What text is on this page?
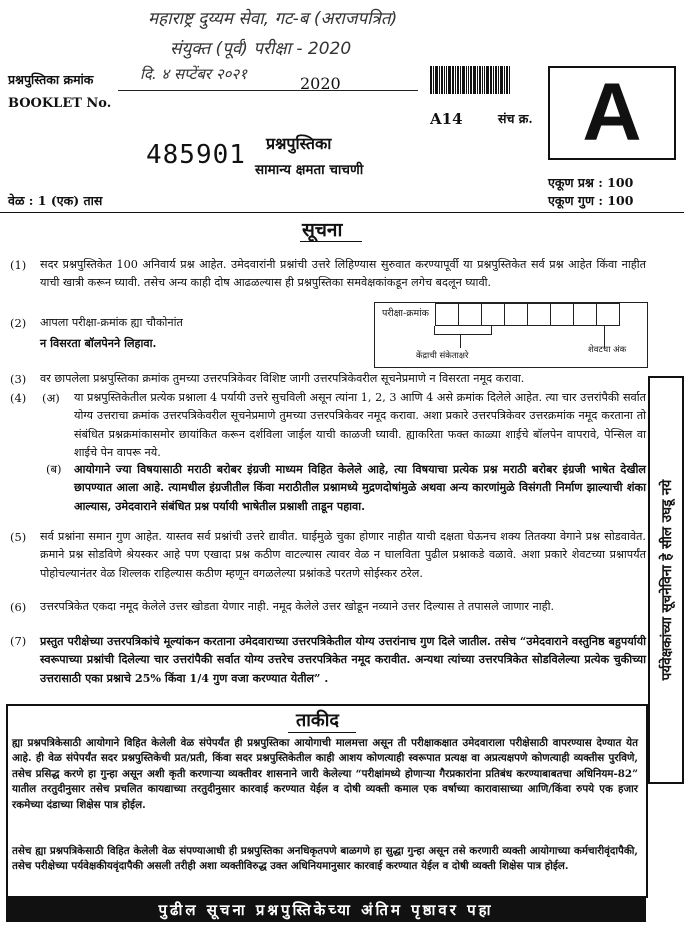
महाराष्ट्र दुय्यम सेवा, गट-ब (अराजपत्रित)
संयुक्त (पूर्व) परीक्षा - 2020
दि. ४ सप्टेंबर २०२१
प्रश्नपुस्तिका क्रमांक
BOOKLET No.
2020
A14	संच क्र. A
485901 प्रश्नपुस्तिका
सामान्य क्षमता चाचणी
एकूण प्रश्न : 100
एकूण गुण : 100
वेळ : 1 (एक) तास
सूचना
(1) सदर प्रश्नपुस्तिकेत 100 अनिवार्य प्रश्न आहेत. उमेदवारांनी प्रश्नांची उत्तरे लिहिण्यास सुरुवात करण्यापूर्वी या प्रश्नपुस्तिकेत सर्व प्रश्न आहेत किंवा नाहीत याची खात्री करून घ्यावी. तसेच अन्य काही दोष आढळल्यास ही प्रश्नपुस्तिका समवेक्षकांकडून लगेच बदलून घ्यावी.
(2) आपला परीक्षा-क्रमांक ह्या चौकोनांत
न विसरता बॉलपेनने लिहावा.
परीक्षा-क्रमांक
केंद्राची संकेताक्षरे
शेवटचा अंक
(3) वर छापलेला प्रश्नपुस्तिका क्रमांक तुमच्या उत्तरपत्रिकेवर विशिष्ट जागी उत्तरपत्रिकेवरील सूचनेप्रमाणे न विसरता नमूद करावा.
(4) (अ) या प्रश्नपुस्तिकेतील प्रत्येक प्रश्नाला 4 पर्यायी उत्तरे सुचविली असून त्यांना 1, 2, 3 आणि 4 असे क्रमांक दिलेले आहेत. त्या चार उत्तरांपैकी सर्वात योग्य उत्तराचा क्रमांक उत्तरपत्रिकेवरील सूचनेप्रमाणे तुमच्या उत्तरपत्रिकेवर नमूद करावा. अशा प्रकारे उत्तरपत्रिकेवर उत्तरक्रमांक नमूद करताना तो संबंधित प्रश्नक्रमांकासमोर छायांकित करून दर्शविला जाईल याची काळजी घ्यावी. ह्याकरिता फक्त काळ्या शाईचे बॉलपेन वापरावे, पेन्सिल वा शाईचे पेन वापरू नये.
(ब) आयोगाने ज्या विषयासाठी मराठी बरोबर इंग्रजी माध्यम विहित केलेले आहे, त्या विषयाचा प्रत्येक प्रश्न मराठी बरोबर इंग्रजी भाषेत देखील छापण्यात आला आहे. त्यामधील इंग्रजीतील किंवा मराठीतील प्रश्नामध्ये मुद्रणदोषांमुळे अथवा अन्य कारणांमुळे विसंगती निर्माण झाल्याची शंका आल्यास, उमेदवाराने संबंधित प्रश्न पर्यायी भाषेतील प्रश्नाशी ताडून पहावा.
(5) सर्व प्रश्नांना समान गुण आहेत. यास्तव सर्व प्रश्नांची उत्तरे द्यावीत. घाईमुळे चुका होणार नाहीत याची दक्षता घेऊनच शक्य तितक्या वेगाने प्रश्न सोडवावेत. क्रमाने प्रश्न सोडविणे श्रेयस्कर आहे पण एखादा प्रश्न कठीण वाटल्यास त्यावर वेळ न घालविता पुढील प्रश्नाकडे वळावे. अशा प्रकारे शेवटच्या प्रश्नापर्यंत पोहोचल्यानंतर वेळ शिल्लक राहिल्यास कठीण म्हणून वगळलेल्या प्रश्नांकडे परतणे सोईस्कर ठरेल.
(6) उत्तरपत्रिकेत एकदा नमूद केलेले उत्तर खोडता येणार नाही. नमूद केलेले उत्तर खोडून नव्याने उत्तर दिल्यास ते तपासले जाणार नाही.
(7) प्रस्तुत परीक्षेच्या उत्तरपत्रिकांचे मूल्यांकन करताना उमेदवाराच्या उत्तरपत्रिकेतील योग्य उत्तरांनाच गुण दिले जातील. तसेच “उमेदवाराने वस्तुनिष्ठ बहुपर्यायी स्वरूपाच्या प्रश्नांची दिलेल्या चार उत्तरांपैकी सर्वात योग्य उत्तरेच उत्तरपत्रिकेत नमूद करावीत. अन्यथा त्यांच्या उत्तरपत्रिकेत सोडविलेल्या प्रत्येक चुकीच्या उत्तरासाठी एका प्रश्नाचे 25% किंवा 1/4 गुण वजा करण्यात येतील” .	पर्यवेक्षकांच्या सूचनेविना हे सील उघडू नये
ताकीद
ह्या प्रश्नपत्रिकेसाठी आयोगाने विहित केलेली वेळ संपेपर्यंत ही प्रश्नपुस्तिका आयोगाची मालमत्ता असून ती परीक्षाकक्षात उमेदवाराला परीक्षेसाठी वापरण्यास देण्यात येत आहे. ही वेळ संपेपर्यंत सदर प्रश्नपुस्तिकेची प्रत/प्रती, किंवा सदर प्रश्नपुस्तिकेतील काही आशय कोणत्याही स्वरूपात प्रत्यक्ष वा अप्रत्यक्षपणे कोणत्याही व्यक्तीस पुरविणे, तसेच प्रसिद्ध करणे हा गुन्हा असून अशी कृती करणाऱ्या व्यक्तीवर शासनाने जारी केलेल्या “परीक्षांमध्ये होणाऱ्या गैरप्रकारांना प्रतिबंध करण्याबाबतचा अधिनियम-82” यातील तरतुदीनुसार तसेच प्रचलित कायद्याच्या तरतुदीनुसार कारवाई करण्यात येईल व दोषी व्यक्ती कमाल एक वर्षाच्या कारावासाच्या आणि/किंवा रुपये एक हजार रकमेच्या दंडाच्या शिक्षेस पात्र होईल.
तसेच ह्या प्रश्नपत्रिकेसाठी विहित केलेली वेळ संपण्याआधी ही प्रश्नपुस्तिका अनधिकृतपणे बाळगणे हा सुद्धा गुन्हा असून तसे करणारी व्यक्ती आयोगाच्या कर्मचारीवृंदापैकी, तसेच परीक्षेच्या पर्यवेक्षकीयवृंदापैकी असली तरीही अशा व्यक्तीविरुद्ध उक्त अधिनियमानुसार कारवाई करण्यात येईल व दोषी व्यक्ती शिक्षेस पात्र होईल.
पुढील सूचना प्रश्नपुस्तिकेच्या अंतिम पृष्ठावर पहा
